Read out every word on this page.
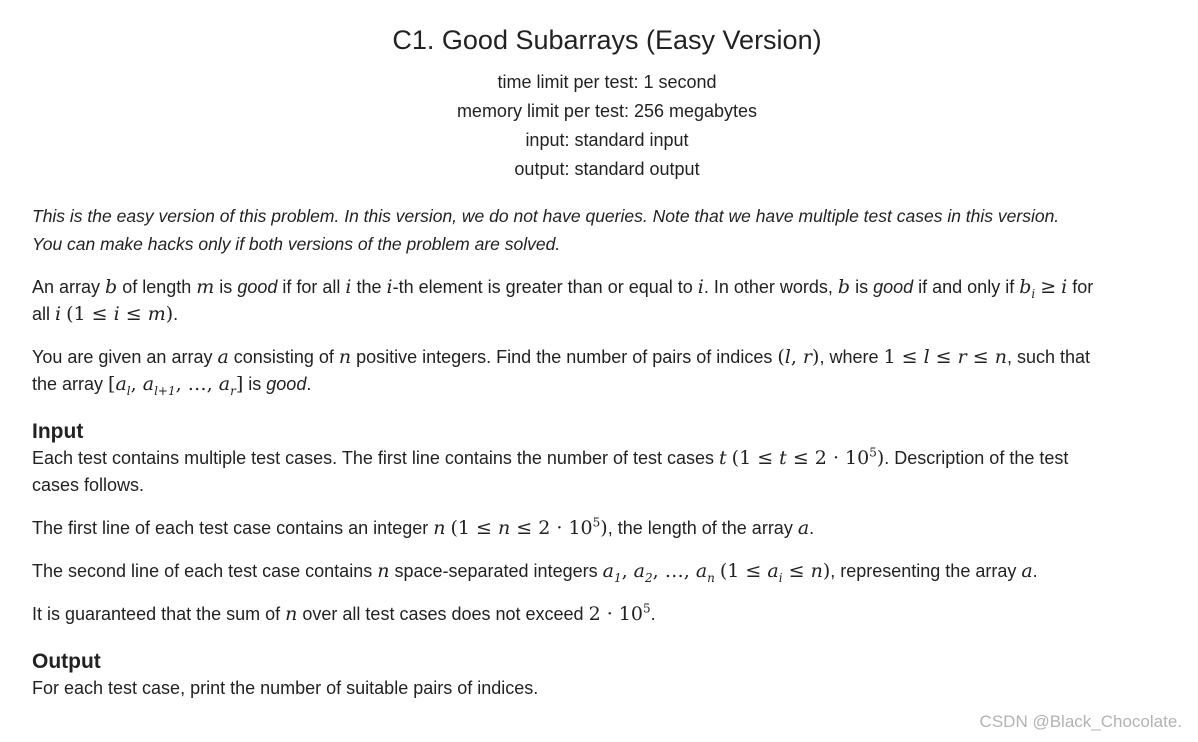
C1. Good Subarrays (Easy Version)
time limit per test: 1 second
memory limit per test: 256 megabytes
input: standard input
output: standard output
This is the easy version of this problem. In this version, we do not have queries. Note that we have multiple test cases in this version.
You can make hacks only if both versions of the problem are solved.

An array b of length m is good if for all i the i-th element is greater than or equal to i. In other words, b is good if and only if $b_i \ge i$ for

all i (1 ≤ i ≤ m).

You are given an array a consisting of n positive integers. Find the number of pairs of indices (l, r), where 1 ≤ l ≤ r ≤ n, such that

the array [$a_l$, $a_{l+1}$, …, $a_r$] is good.

Input

Each test contains multiple test cases. The first line contains the number of test cases t $(1 \le t \le 2 \cdot 10^5)$. Description of the test

cases follows.

The first line of each test case contains an integer n $(1 \le n \le 2 \cdot 10^5)$, the length of the array a.

The second line of each test case contains n space-separated integers $a_1$, $a_2$, …, $a_n$ $(1 \le a_i \le n)$, representing the array a.

It is guaranteed that the sum of n over all test cases does not exceed $2 \cdot 10^5$.

Output

For each test case, print the number of suitable pairs of indices.

CSDN @Black_Chocolate.
